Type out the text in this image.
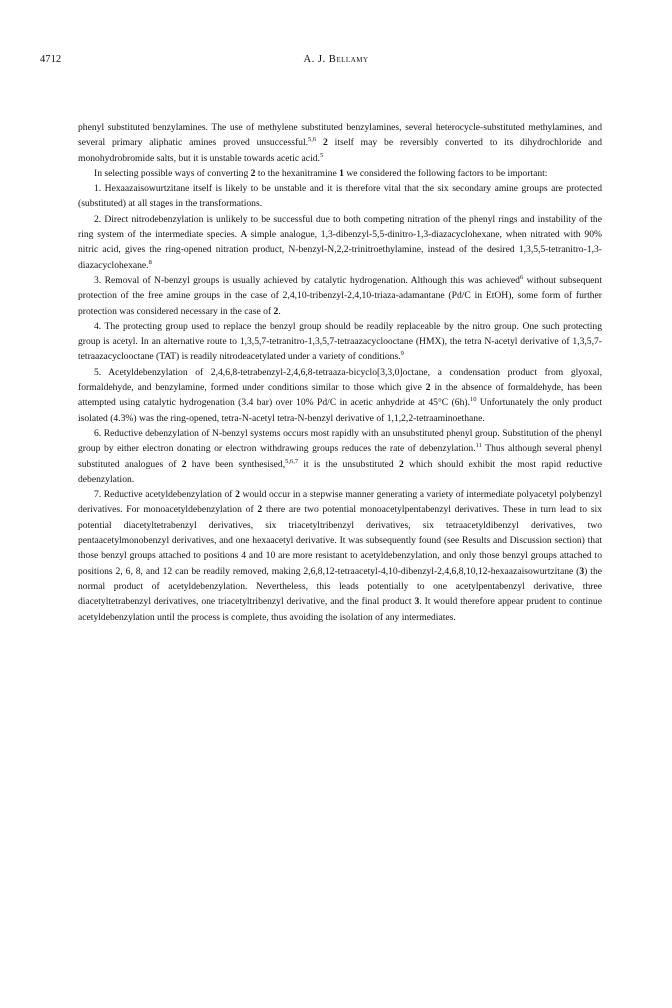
4712	A. J. Bellamy

phenyl substituted benzylamines. The use of methylene substituted benzylamines, several heterocycle-substituted methylamines, and several primary aliphatic amines proved unsuccessful.$^{5,6}$ 2 itself may be reversibly converted to its dihydrochloride and monohydrobromide salts, but it is unstable towards acetic acid.$^5$

In selecting possible ways of converting 2 to the hexanitramine 1 we considered the following factors to be important:

1. Hexaazaisowurtzitane itself is likely to be unstable and it is therefore vital that the six secondary amine groups are protected (substituted) at all stages in the transformations.

2. Direct nitrodebenzylation is unlikely to be successful due to both competing nitration of the phenyl rings and instability of the ring system of the intermediate species. A simple analogue, 1,3-dibenzyl-5,5-dinitro-1,3-diazacyclohexane, when nitrated with 90% nitric acid, gives the ring-opened nitration product, N-benzyl-N,2,2-trinitroethylamine, instead of the desired 1,3,5,5-tetranitro-1,3-diazacyclohexane.$^8$

3. Removal of N-benzyl groups is usually achieved by catalytic hydrogenation. Although this was achieved$^6$ without subsequent protection of the free amine groups in the case of 2,4,10-tribenzyl-2,4,10-triaza-adamantane (Pd/C in EtOH), some form of further protection was considered necessary in the case of 2.

4. The protecting group used to replace the benzyl group should be readily replaceable by the nitro group. One such protecting group is acetyl. In an alternative route to 1,3,5,7-tetranitro-1,3,5,7-tetraazacyclooctane (HMX), the tetra N-acetyl derivative of 1,3,5,7-tetraazacyclooctane (TAT) is readily nitrodeacetylated under a variety of conditions.$^9$

5. Acetyldebenzylation of 2,4,6,8-tetrabenzyl-2,4,6,8-tetraaza-bicyclo[3,3,0]octane, a condensation product from glyoxal, formaldehyde, and benzylamine, formed under conditions similar to those which give 2 in the absence of formaldehyde, has been attempted using catalytic hydrogenation (3.4 bar) over 10% Pd/C in acetic anhydride at 45°C (6h).$^{10}$ Unfortunately the only product isolated (4.3%) was the ring-opened, tetra-N-acetyl tetra-N-benzyl derivative of 1,1,2,2-tetraaminoethane.

6. Reductive debenzylation of N-benzyl systems occurs most rapidly with an unsubstituted phenyl group. Substitution of the phenyl group by either electron donating or electron withdrawing groups reduces the rate of debenzylation.$^{11}$ Thus although several phenyl substituted analogues of 2 have been synthesised,$^{5,6,7}$ it is the unsubstituted 2 which should exhibit the most rapid reductive debenzylation.

7. Reductive acetyldebenzylation of 2 would occur in a stepwise manner generating a variety of intermediate polyacetyl polybenzyl derivatives. For monoacetyldebenzylation of 2 there are two potential monoacetylpentabenzyl derivatives. These in turn lead to six potential diacetyltetrabenzyl derivatives, six triacetyltribenzyl derivatives, six tetraacetyldibenzyl derivatives, two pentaacetylmonobenzyl derivatives, and one hexaacetyl derivative. It was subsequently found (see Results and Discussion section) that those benzyl groups attached to positions 4 and 10 are more resistant to acetyldebenzylation, and only those benzyl groups attached to positions 2, 6, 8, and 12 can be readily removed, making 2,6,8,12-tetraacetyl-4,10-dibenzyl-2,4,6,8,10,12-hexaazaisowurtzitane (3) the normal product of acetyldebenzylation. Nevertheless, this leads potentially to one acetylpentabenzyl derivative, three diacetyltetrabenzyl derivatives, one triacetyltribenzyl derivative, and the final product 3. It would therefore appear prudent to continue acetyldebenzylation until the process is complete, thus avoiding the isolation of any intermediates.
